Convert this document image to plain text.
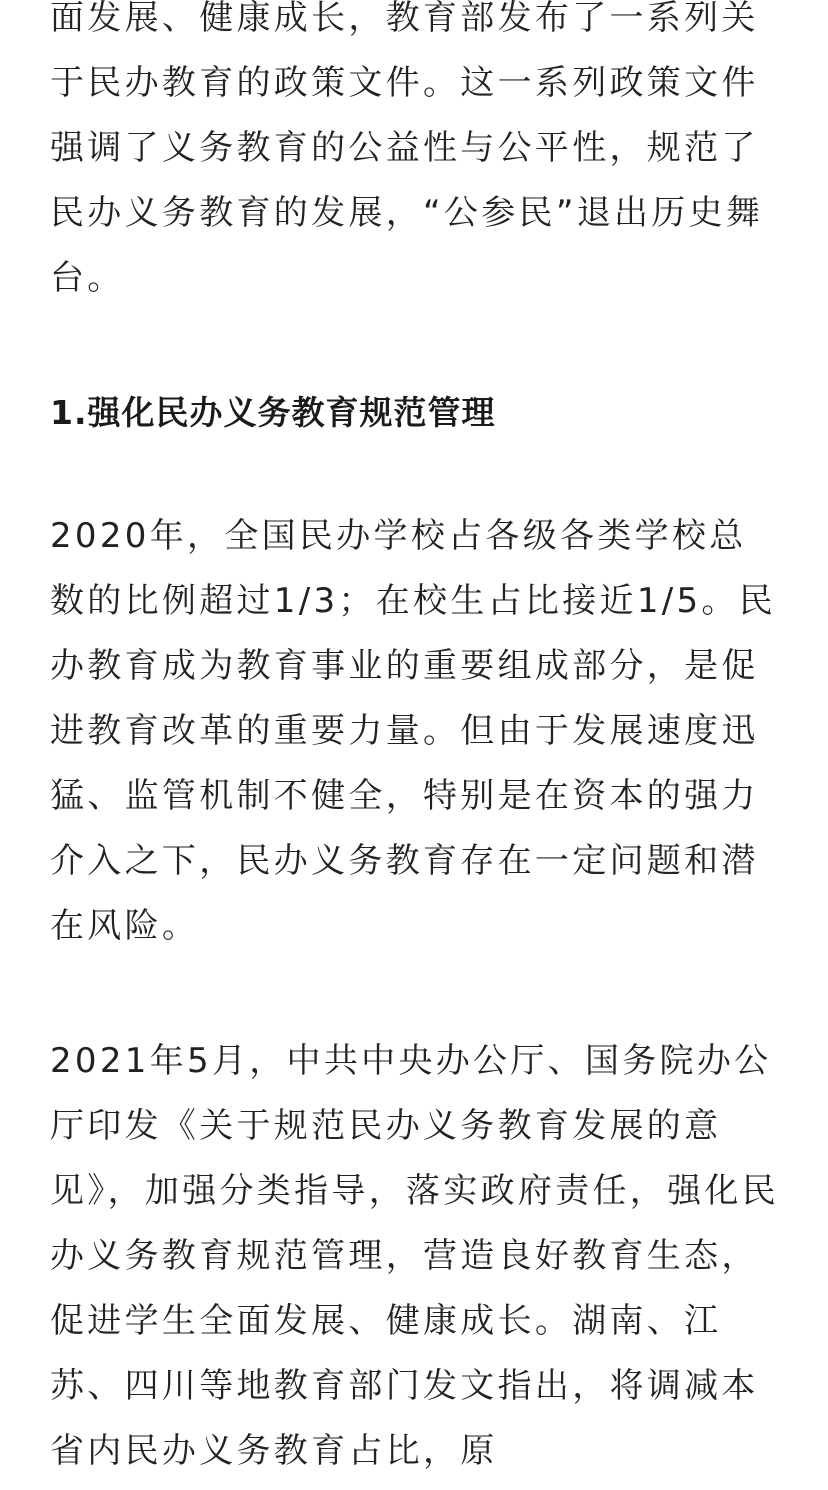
面发展、健康成长，教育部发布了一系列关于民办教育的政策文件。这一系列政策文件强调了义务教育的公益性与公平性，规范了民办义务教育的发展，“公参民”退出历史舞台。

1.强化民办义务教育规范管理

2020年，全国民办学校占各级各类学校总数的比例超过1/3；在校生占比接近1/5。民办教育成为教育事业的重要组成部分，是促进教育改革的重要力量。但由于发展速度迅猛、监管机制不健全，特别是在资本的强力介入之下，民办义务教育存在一定问题和潜在风险。

2021年5月，中共中央办公厅、国务院办公厅印发《关于规范民办义务教育发展的意见》，加强分类指导，落实政府责任，强化民办义务教育规范管理，营造良好教育生态，促进学生全面发展、健康成长。湖南、江苏、四川等地教育部门发文指出，将调减本省内民办义务教育占比，原
